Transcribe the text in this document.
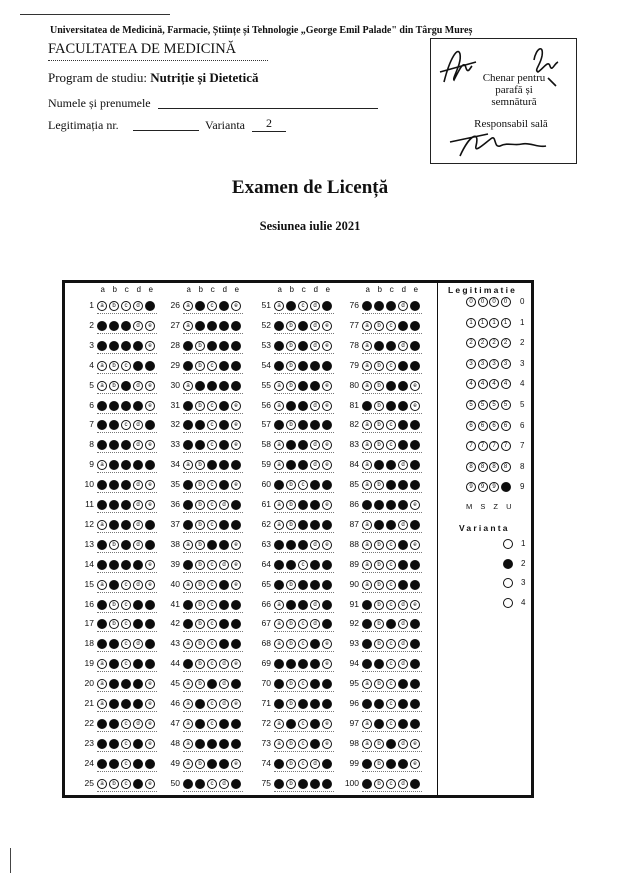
Universitatea de Medicină, Farmacie, Științe și Tehnologie „George Emil Palade" din Târgu Mureș
FACULTATEA DE MEDICINĂ
Program de studiu: Nutriție și Dietetică
Numele și prenumele
Legitimația nr.	Varianta	2
Chenar pentru
parafă și semnătură
Responsabil sală
Examen de Licență
Sesiunea iulie 2021
a b c d e	a b c d e	a b c d e	a b c d e
1	a	b	c	d	e
2	a	b	c	d	e
3	a	b	c	d	e
4	a	b	c	d	e
5	a	b	c	d	e
6	a	b	c	d	e
7	a	b	c	d	e
8	a	b	c	d	e
9	a	b	c	d	e
10	a	b	c	d	e
11	a	b	c	d	e
12	a	b	c	d	e
13	a	b	c	d	e
14	a	b	c	d	e
15	a	b	c	d	e
16	a	b	c	d	e
17	a	b	c	d	e
18	a	b	c	d	e
19	a	b	c	d	e
20	a	b	c	d	e
21	a	b	c	d	e
22	a	b	c	d	e
23	a	b	c	d	e
24	a	b	c	d	e
25	a	b	c	d	e
26	a	b	c	d	e
27	a	b	c	d	e
28	a	b	c	d	e
29	a	b	c	d	e
30	a	b	c	d	e
31	a	b	c	d	e
32	a	b	c	d	e
33	a	b	c	d	e
34	a	b	c	d	e
35	a	b	c	d	e
36	a	b	c	d	e
37	a	b	c	d	e
38	a	b	c	d	e
39	a	b	c	d	e
40	a	b	c	d	e
41	a	b	c	d	e
42	a	b	c	d	e
43	a	b	c	d	e
44	a	b	c	d	e
45	a	b	c	d	e
46	a	b	c	d	e
47	a	b	c	d	e
48	a	b	c	d	e
49	a	b	c	d	e
50	a	b	c	d	e
51	a	b	c	d	e
52	a	b	c	d	e
53	a	b	c	d	e
54	a	b	c	d	e
55	a	b	c	d	e
56	a	b	c	d	e
57	a	b	c	d	e
58	a	b	c	d	e
59	a	b	c	d	e
60	a	b	c	d	e
61	a	b	c	d	e
62	a	b	c	d	e
63	a	b	c	d	e
64	a	b	c	d	e
65	a	b	c	d	e
66	a	b	c	d	e
67	a	b	c	d	e
68	a	b	c	d	e
69	a	b	c	d	e
70	a	b	c	d	e
71	a	b	c	d	e
72	a	b	c	d	e
73	a	b	c	d	e
74	a	b	c	d	e
75	a	b	c	d	e
76	a	b	c	d	e
77	a	b	c	d	e
78	a	b	c	d	e
79	a	b	c	d	e
80	a	b	c	d	e
81	a	b	c	d	e
82	a	b	c	d	e
83	a	b	c	d	e
84	a	b	c	d	e
85	a	b	c	d	e
86	a	b	c	d	e
87	a	b	c	d	e
88	a	b	c	d	e
89	a	b	c	d	e
90	a	b	c	d	e
91	a	b	c	d	e
92	a	b	c	d	e
93	a	b	c	d	e
94	a	b	c	d	e
95	a	b	c	d	e
96	a	b	c	d	e
97	a	b	c	d	e
98	a	b	c	d	e
99	a	b	c	d	e
100	a	b	c	d	e
Legitimatie
0	0	0	0	0
1	1	1	1	1
2	2	2	2	2
3	3	3	3	3
4	4	4	4	4
5	5	5	5	5
6	6	6	6	6
7	7	7	7	7
8	8	8	8	8
9	9	9	9	9
M S Z U
Varianta
1
2
3
4
